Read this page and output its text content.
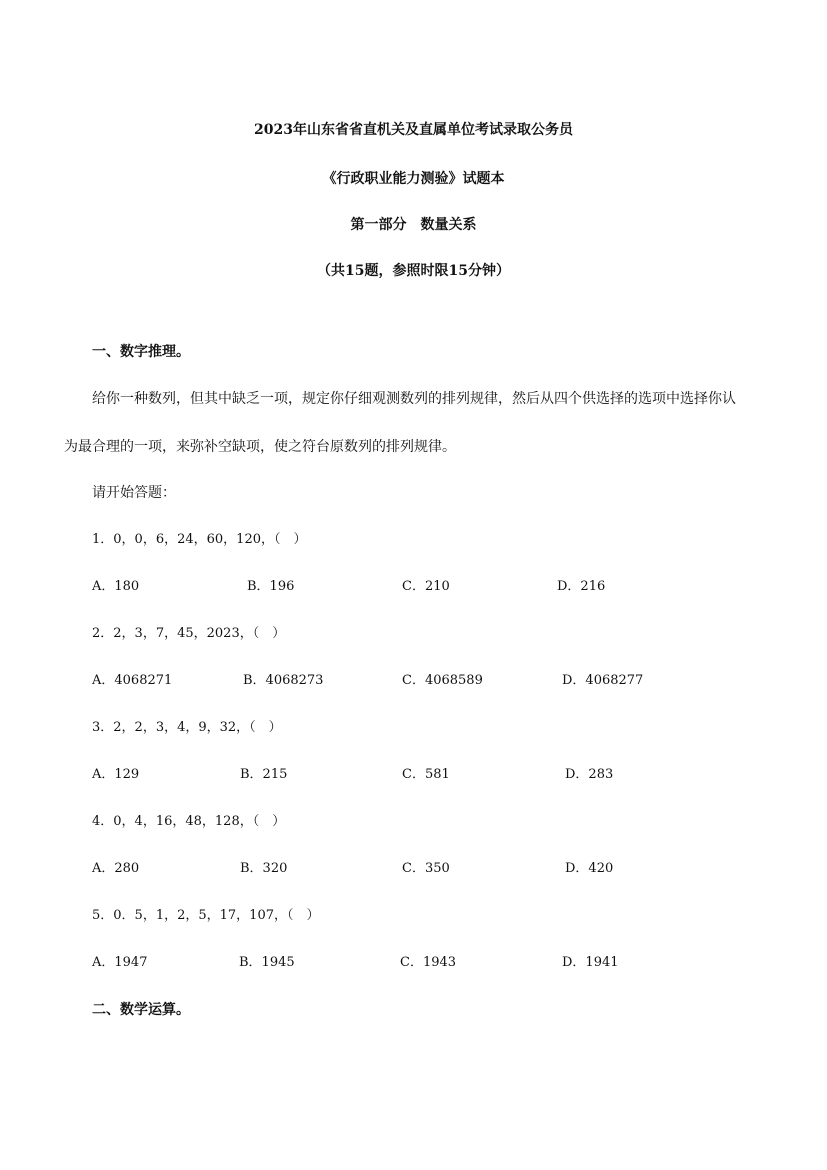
2023年山东省省直机关及直属单位考试录取公务员
《行政职业能力测验》试题本
第一部分　数量关系
（共15题，参照时限15分钟）
一、数字推理。
给你一种数列，但其中缺乏一项，规定你仔细观测数列的排列规律，然后从四个供选择的选项中选择你认
为最合理的一项，来弥补空缺项，使之符台原数列的排列规律。
请开始答题：
1．0，0，6，24，60，120，（　）
A．180	B．196	C．210	D．216
2．2，3，7，45，2023，（　）
A．4068271	B．4068273	C．4068589	D．4068277
3．2，2，3，4，9，32，（　）
A．129	B．215	C．581	D．283
4．0，4，16，48，128，（　）
A．280	B．320	C．350	D．420
5．0．5，1，2，5，17，107，（　）
A．1947	B．1945	C．1943	D．1941
二、数学运算。
